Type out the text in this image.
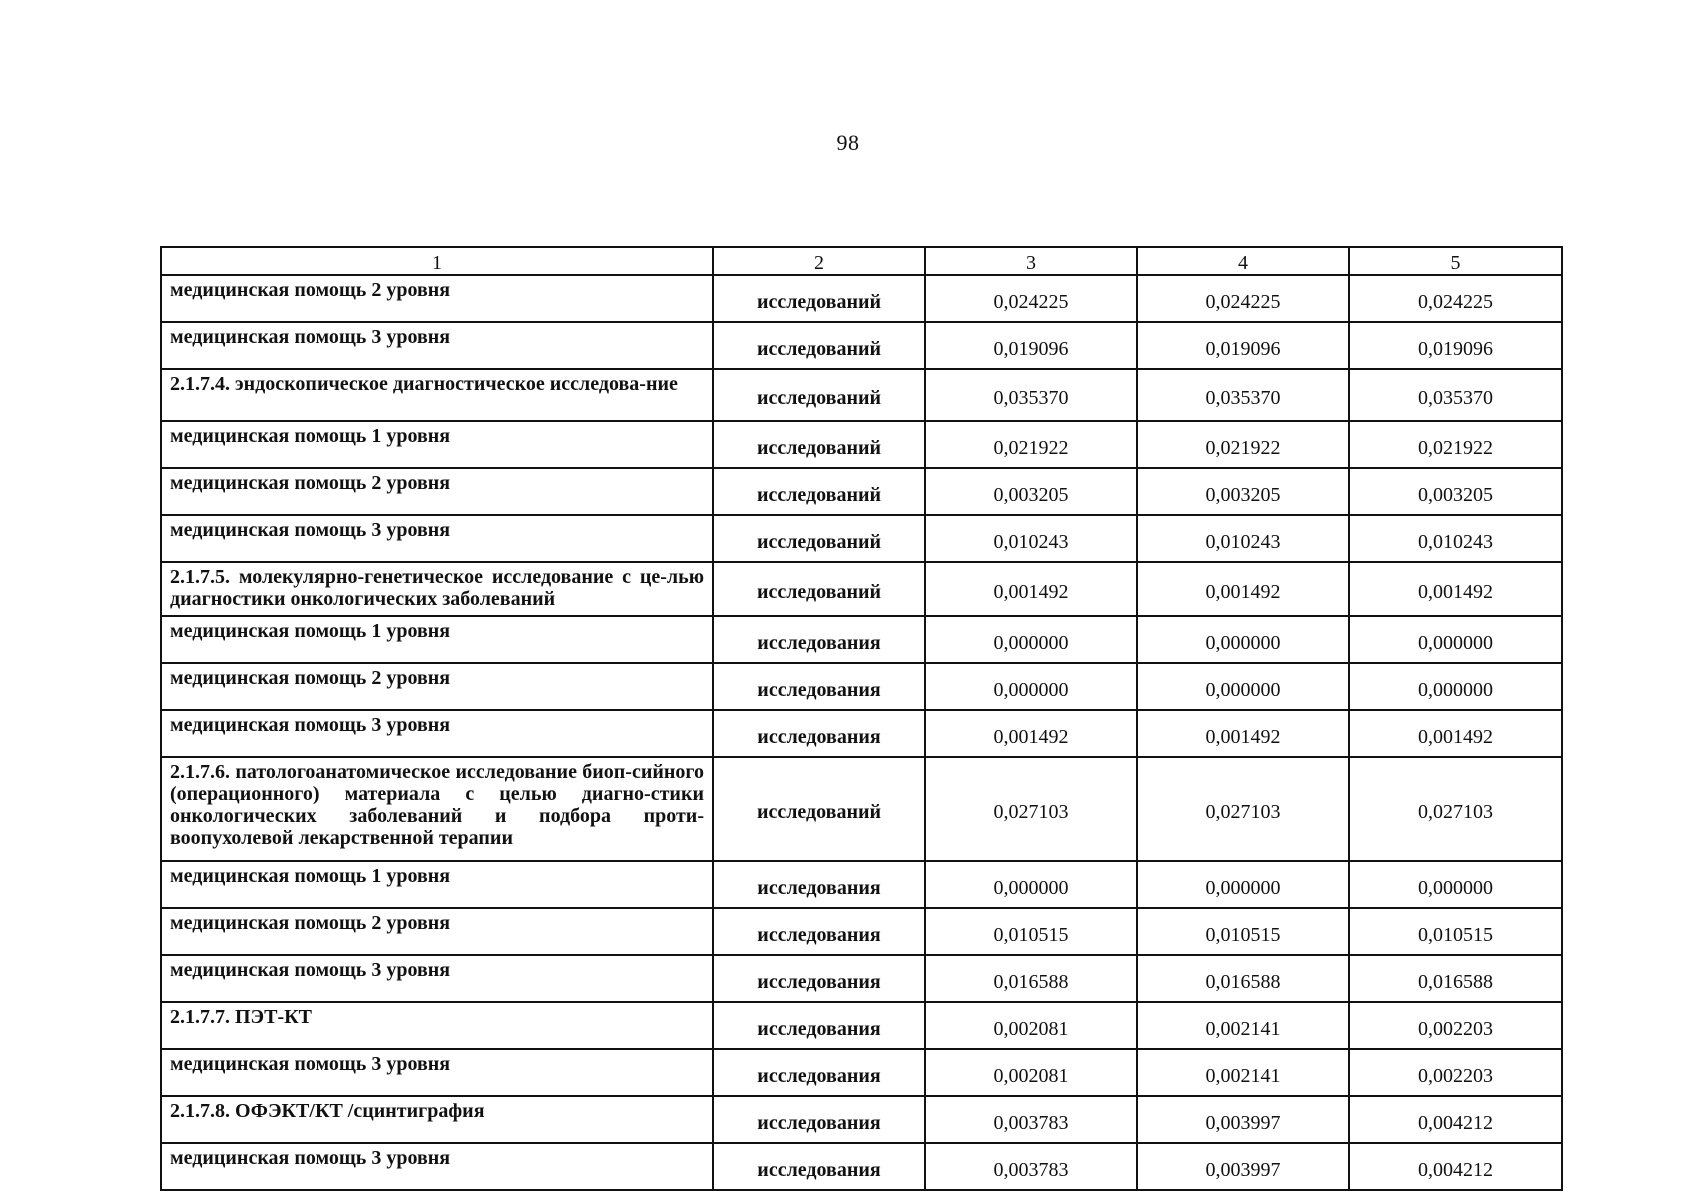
98
1	2	3	4	5
медицинская помощь 2 уровня	исследований	0,024225	0,024225	0,024225
медицинская помощь 3 уровня	исследований	0,019096	0,019096	0,019096
2.1.7.4. эндоскопическое диагностическое исследова-ние	исследований	0,035370	0,035370	0,035370
медицинская помощь 1 уровня	исследований	0,021922	0,021922	0,021922
медицинская помощь 2 уровня	исследований	0,003205	0,003205	0,003205
медицинская помощь 3 уровня	исследований	0,010243	0,010243	0,010243
2.1.7.5. молекулярно-генетическое исследование с це-лью диагностики онкологических заболеваний	исследований	0,001492	0,001492	0,001492
медицинская помощь 1 уровня	исследования	0,000000	0,000000	0,000000
медицинская помощь 2 уровня	исследования	0,000000	0,000000	0,000000
медицинская помощь 3 уровня	исследования	0,001492	0,001492	0,001492
2.1.7.6. патологоанатомическое исследование биоп-сийного (операционного) материала с целью диагно-стики онкологических заболеваний и подбора проти-воопухолевой лекарственной терапии	исследований	0,027103	0,027103	0,027103
медицинская помощь 1 уровня	исследования	0,000000	0,000000	0,000000
медицинская помощь 2 уровня	исследования	0,010515	0,010515	0,010515
медицинская помощь 3 уровня	исследования	0,016588	0,016588	0,016588
2.1.7.7. ПЭТ-КТ	исследования	0,002081	0,002141	0,002203
медицинская помощь 3 уровня	исследования	0,002081	0,002141	0,002203
2.1.7.8. ОФЭКТ/КТ /сцинтиграфия	исследования	0,003783	0,003997	0,004212
медицинская помощь 3 уровня	исследования	0,003783	0,003997	0,004212
